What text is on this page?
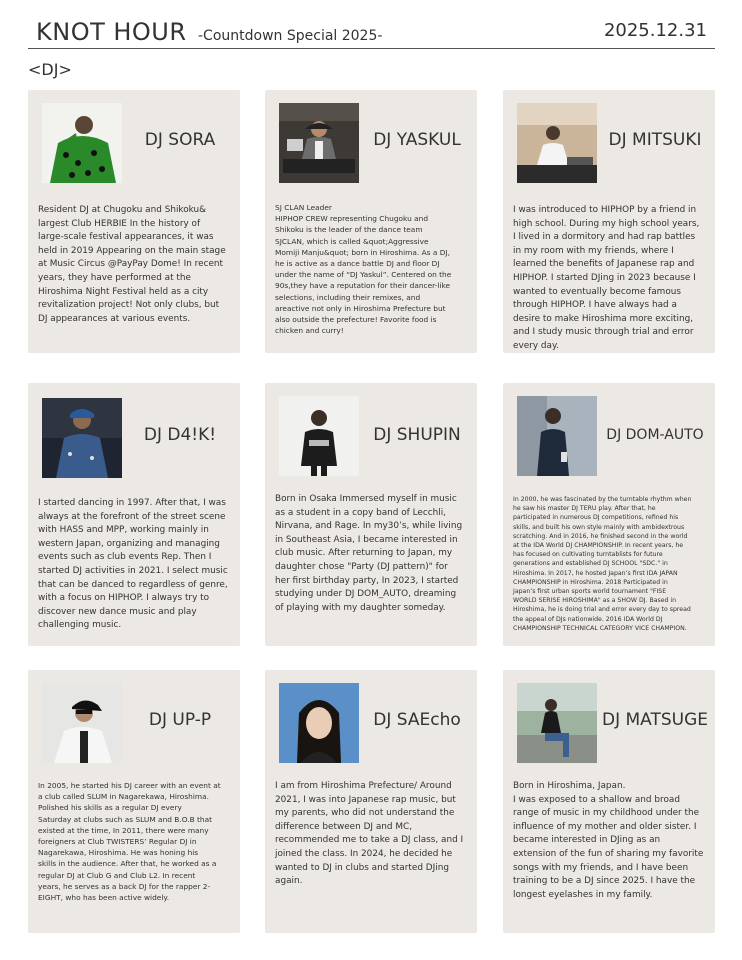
KNOT HOUR -Countdown Special 2025-	2025.12.31
<DJ>
DJ SORA
Resident DJ at Chugoku and Shikoku&
largest Club HERBIE In the history of
large-scale festival appearances, it was
held in 2019 Appearing on the main stage
at Music Circus @PayPay Dome! In recent
years, they have performed at the
Hiroshima Night Festival held as a city
revitalization project! Not only clubs, but
DJ appearances at various events.
DJ YASKUL
SJ CLAN Leader
HIPHOP CREW representing Chugoku and
Shikoku is the leader of the dance team
SJCLAN, which is called &quot;Aggressive
Momiji Manju&quot; born in Hiroshima. As a DJ,
he is active as a dance battle DJ and floor DJ
under the name of “DJ Yaskul”. Centered on the
90s,they have a reputation for their dancer-like
selections, including their remixes, and
areactive not only in Hiroshima Prefecture but
also outside the prefecture! Favorite food is
chicken and curry!
DJ MITSUKI
I was introduced to HIPHOP by a friend in
high school. During my high school years,
I lived in a dormitory and had rap battles
in my room with my friends, where I
learned the benefits of Japanese rap and
HIPHOP. I started DJing in 2023 because I
wanted to eventually become famous
through HIPHOP. I have always had a
desire to make Hiroshima more exciting,
and I study music through trial and error
every day.
DJ D4!K!
I started dancing in 1997. After that, I was
always at the forefront of the street scene
with HASS and MPP, working mainly in
western Japan, organizing and managing
events such as club events Rep. Then I
started DJ activities in 2021. I select music
that can be danced to regardless of genre,
with a focus on HIPHOP. I always try to
discover new dance music and play
challenging music.
DJ SHUPIN
Born in Osaka Immersed myself in music
as a student in a copy band of Lecchli,
Nirvana, and Rage. In my30’s, while living
in Southeast Asia, I became interested in
club music. After returning to Japan, my
daughter chose "Party (DJ pattern)" for
her first birthday party, In 2023, I started
studying under DJ DOM_AUTO, dreaming
of playing with my daughter someday.
DJ DOM-AUTO
In 2000, he was fascinated by the turntable rhythm when
he saw his master DJ TERU play. After that, he
participated in numerous DJ competitions, refined his
skills, and built his own style mainly with ambidextrous
scratching. And in 2016, he finished second in the world
at the IDA World DJ CHAMPIONSHIP. In recent years, he
has focused on cultivating turntablists for future
generations and established DJ SCHOOL "SDC." in
Hiroshima. In 2017, he hosted Japan’s first IDA JAPAN
CHAMPIONSHIP in Hiroshima. 2018 Participated in
Japan’s first urban sports world tournament "FISE
WORLD SERISE HIROSHIMA" as a SHOW DJ. Based in
Hiroshima, he is doing trial and error every day to spread
the appeal of DJs nationwide. 2016 IDA World DJ
CHAMPIONSHIP TECHNICAL CATEGORY VICE CHAMPION.
DJ UP-P
In 2005, he started his DJ career with an event at
a club called SLUM in Nagarekawa, Hiroshima.
Polished his skills as a regular DJ every
Saturday at clubs such as SLUM and B.O.B that
existed at the time, In 2011, there were many
foreigners at Club TWISTERS’ Regular DJ in
Nagarekawa, Hiroshima. He was honing his
skills in the audience. After that, he worked as a
regular DJ at Club G and Club L2. In recent
years, he serves as a back DJ for the rapper 2-
EIGHT, who has been active widely.
DJ SAEcho
I am from Hiroshima Prefecture/ Around
2021, I was into Japanese rap music, but
my parents, who did not understand the
difference between DJ and MC,
recommended me to take a DJ class, and I
joined the class. In 2024, he decided he
wanted to DJ in clubs and started DJing
again.
DJ MATSUGE
Born in Hiroshima, Japan.
I was exposed to a shallow and broad
range of music in my childhood under the
influence of my mother and older sister. I
became interested in DJing as an
extension of the fun of sharing my favorite
songs with my friends, and I have been
training to be a DJ since 2025. I have the
longest eyelashes in my family.
